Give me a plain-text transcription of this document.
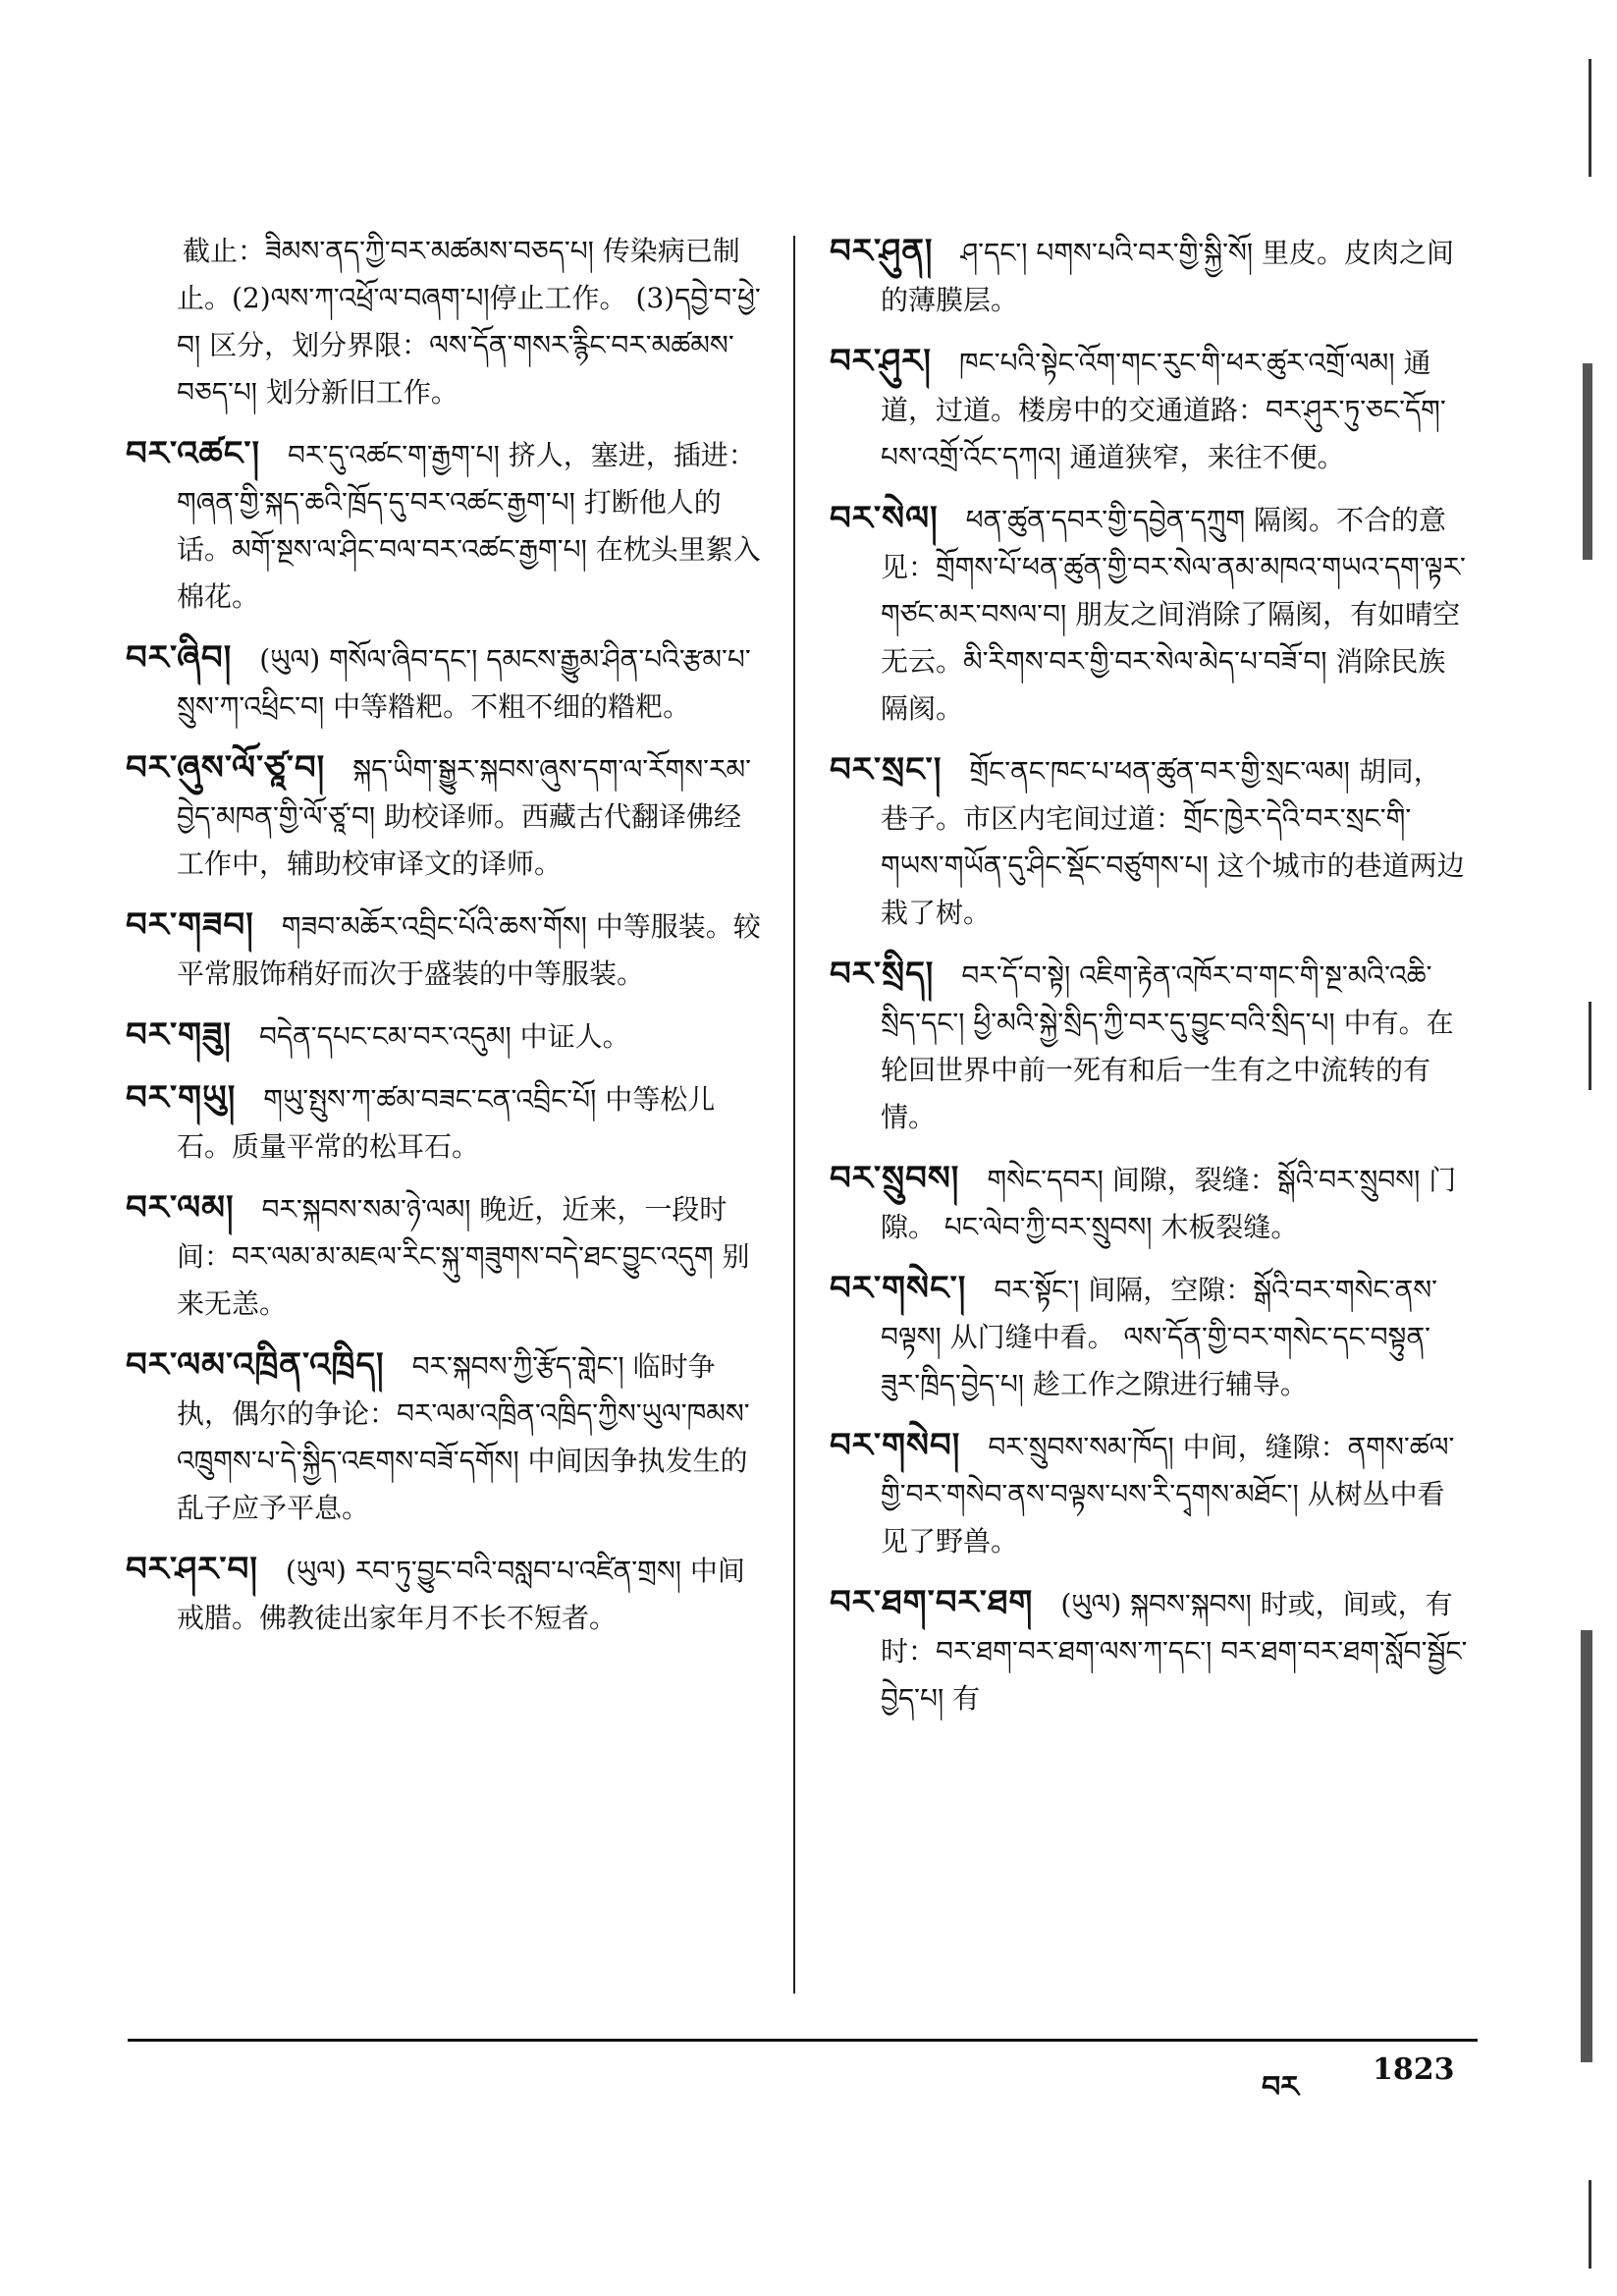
截止：ཟིམས་ནད་ཀྱི་བར་མཚམས་བཅད་པ། 传染病已制止。(2)ལས་ཀ་འཕྲོ་ལ་བཞག་པ།停止工作。 (3)དབྱེ་བ་ཕྱེ་བ། 区分，划分界限：ལས་དོན་གསར་རྙིང་བར་མཚམས་བཅད་པ། 划分新旧工作。

བར་འཚང་། བར་དུ་འཚང་ག་རྒྱག་པ། 挤人，塞进，插进：གཞན་གྱི་སྐད་ཆའི་ཁྲོད་དུ་བར་འཚང་རྒྱག་པ། 打断他人的话。མགོ་སྔས་ལ་ཤིང་བལ་བར་འཚང་རྒྱག་པ། 在枕头里絮入棉花。

བར་ཞིབ། (ཡུལ) གསོལ་ཞིབ་དང་། དམངས་རྒྱུམ་ཤིན་པའི་རྩམ་པ་སྲུས་ཀ་འཕྲིང་བ། 中等糌粑。不粗不细的糌粑。

བར་ཞུས་ལོ་ཙཱ་བ། སྐད་ཡིག་སྒྱུར་སྐབས་ཞུས་དག་ལ་རོགས་རམ་བྱེད་མཁན་གྱི་ལོ་ཙཱ་བ། 助校译师。西藏古代翻译佛经工作中，辅助校审译文的译师。

བར་གཟབ། གཟབ་མཆོར་འབྲིང་པོའི་ཆས་གོས། 中等服装。较平常服饰稍好而次于盛装的中等服装。

བར་གཟུ། བདེན་དཔང་ངམ་བར་འདུམ། 中证人。

བར་གཡུ། གཡུ་སྤུས་ཀ་ཚམ་བཟང་ངན་འབྲིང་པོ། 中等松儿石。质量平常的松耳石。

བར་ལམ། བར་སྐབས་སམ་ཉེ་ལམ། 晚近，近来，一段时间：བར་ལམ་མ་མཇལ་རིང་སྐུ་གཟུགས་བདེ་ཐང་བྱུང་འདུག 别来无恙。

བར་ལམ་འཁྲིན་འཁྲིད། བར་སྐབས་ཀྱི་རྩོད་གླེང་། 临时争执，偶尔的争论：བར་ལམ་འཁྲིན་འཁྲིད་ཀྱིས་ཡུལ་ཁམས་འཁྲུགས་པ་དེ་སྐྱིད་འཇགས་བཟོ་དགོས། 中间因争执发生的乱子应予平息。

བར་ཤར་བ། (ཡུལ) རབ་ཏུ་བྱུང་བའི་བསླབ་པ་འཛིན་གྲས། 中间戒腊。佛教徒出家年月不长不短者。

བར་ཤུན། ཤ་དང་། པགས་པའི་བར་གྱི་སྐྱི་སོ། 里皮。皮肉之间的薄膜层。

བར་ཤུར། ཁང་པའི་སྟེང་འོག་གང་རུང་གི་ཕར་ཚུར་འགྲོ་ལམ། 通道，过道。楼房中的交通道路：བར་ཤུར་ཏུ་ཅང་དོག་པས་འགྲོ་འོང་དཀའ། 通道狭窄，来往不便。

བར་སེལ། ཕན་ཚུན་དབར་གྱི་དབྱེན་དཀྲུག 隔阂。不合的意见：གྲོགས་པོ་ཕན་ཚུན་གྱི་བར་སེལ་ནམ་མཁའ་གཡའ་དག་ལྟར་གཙང་མར་བསལ་བ། 朋友之间消除了隔阂，有如晴空无云。མི་རིགས་བར་གྱི་བར་སེལ་མེད་པ་བཟོ་བ། 消除民族隔阂。

བར་སྲང་། གྲོང་ནང་ཁང་པ་ཕན་ཚུན་བར་གྱི་སྲང་ལམ། 胡同，巷子。市区内宅间过道：གྲོང་ཁྱེར་དེའི་བར་སྲང་གི་གཡས་གཡོན་དུ་ཤིང་སྡོང་བཙུགས་པ། 这个城市的巷道两边栽了树。

བར་སྲིད། བར་དོ་བ་སྟེ། འཇིག་རྟེན་འཁོར་བ་གང་གི་སྔ་མའི་འཆི་སྲིད་དང་། ཕྱི་མའི་སྐྱེ་སྲིད་ཀྱི་བར་དུ་བྱུང་བའི་སྲིད་པ། 中有。在轮回世界中前一死有和后一生有之中流转的有情。

བར་སྲུབས། གསེང་དབར། 间隙，裂缝：སྒོའི་བར་སྲུབས། 门隙。 པང་ལེབ་ཀྱི་བར་སྲུབས། 木板裂缝。

བར་གསེང་། བར་སྟོང་། 间隔，空隙：སྒོའི་བར་གསེང་ནས་བལྟས། 从门缝中看。 ལས་དོན་གྱི་བར་གསེང་དང་བསྟུན་ཟུར་ཁྲིད་བྱེད་པ། 趁工作之隙进行辅导。

བར་གསེབ། བར་སྲུབས་སམ་ཁོད། 中间，缝隙：ནགས་ཚལ་གྱི་བར་གསེབ་ནས་བལྟས་པས་རི་དྭགས་མཐོང་། 从树丛中看见了野兽。

བར་ཐག་བར་ཐག (ཡུལ) སྐབས་སྐབས། 时或，间或，有时：བར་ཐག་བར་ཐག་ལས་ཀ་དང་། བར་ཐག་བར་ཐག་སློབ་སྦྱོང་བྱེད་པ། 有

བར
1823
